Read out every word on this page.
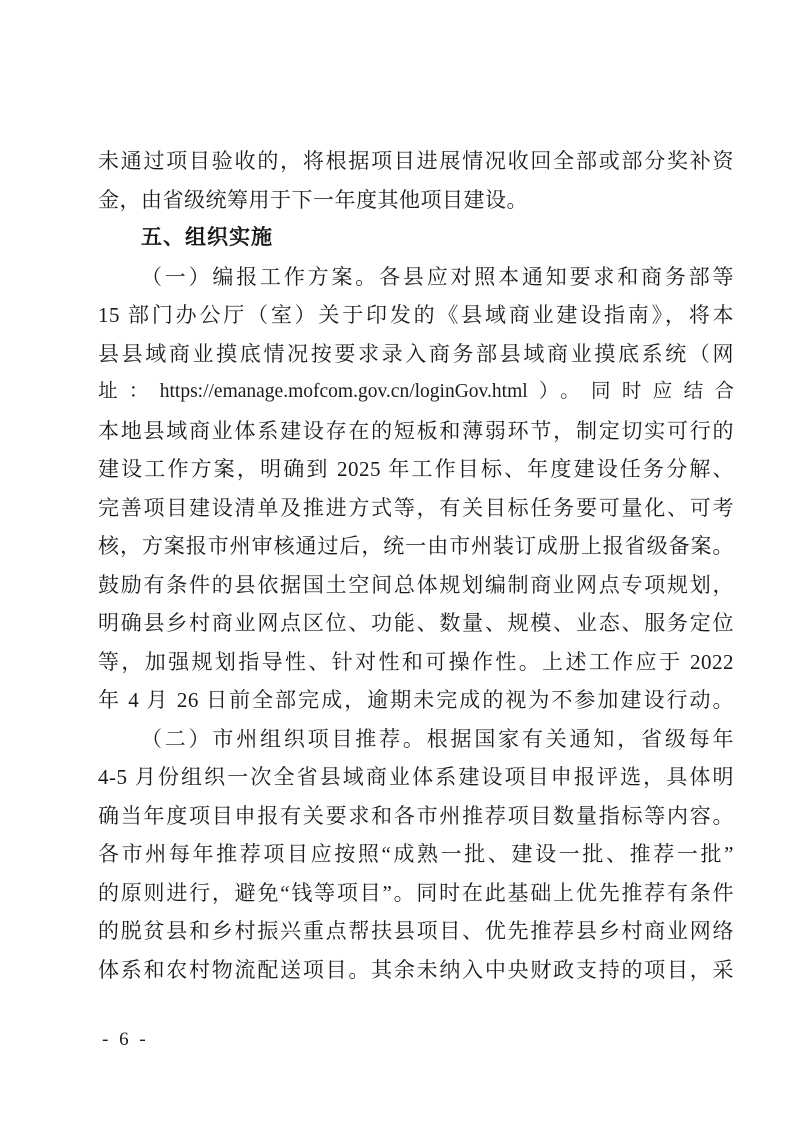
未通过项目验收的，将根据项目进展情况收回全部或部分奖补资
金，由省级统筹用于下一年度其他项目建设。
五、组织实施
（一）编报工作方案。各县应对照本通知要求和商务部等
15 部门办公厅（室）关于印发的《县域商业建设指南》，将本
县县域商业摸底情况按要求录入商务部县域商业摸底系统（网
址：https://emanage.mofcom.gov.cn/loginGov.html）。同时应结合
本地县域商业体系建设存在的短板和薄弱环节，制定切实可行的
建设工作方案，明确到 2025 年工作目标、年度建设任务分解、
完善项目建设清单及推进方式等，有关目标任务要可量化、可考
核，方案报市州审核通过后，统一由市州装订成册上报省级备案。
鼓励有条件的县依据国土空间总体规划编制商业网点专项规划，
明确县乡村商业网点区位、功能、数量、规模、业态、服务定位
等，加强规划指导性、针对性和可操作性。上述工作应于 2022
年 4 月 26 日前全部完成，逾期未完成的视为不参加建设行动。
（二）市州组织项目推荐。根据国家有关通知，省级每年
4-5 月份组织一次全省县域商业体系建设项目申报评选，具体明
确当年度项目申报有关要求和各市州推荐项目数量指标等内容。
各市州每年推荐项目应按照“成熟一批、建设一批、推荐一批”
的原则进行，避免“钱等项目”。同时在此基础上优先推荐有条件
的脱贫县和乡村振兴重点帮扶县项目、优先推荐县乡村商业网络
体系和农村物流配送项目。其余未纳入中央财政支持的项目，采
- 6 -
